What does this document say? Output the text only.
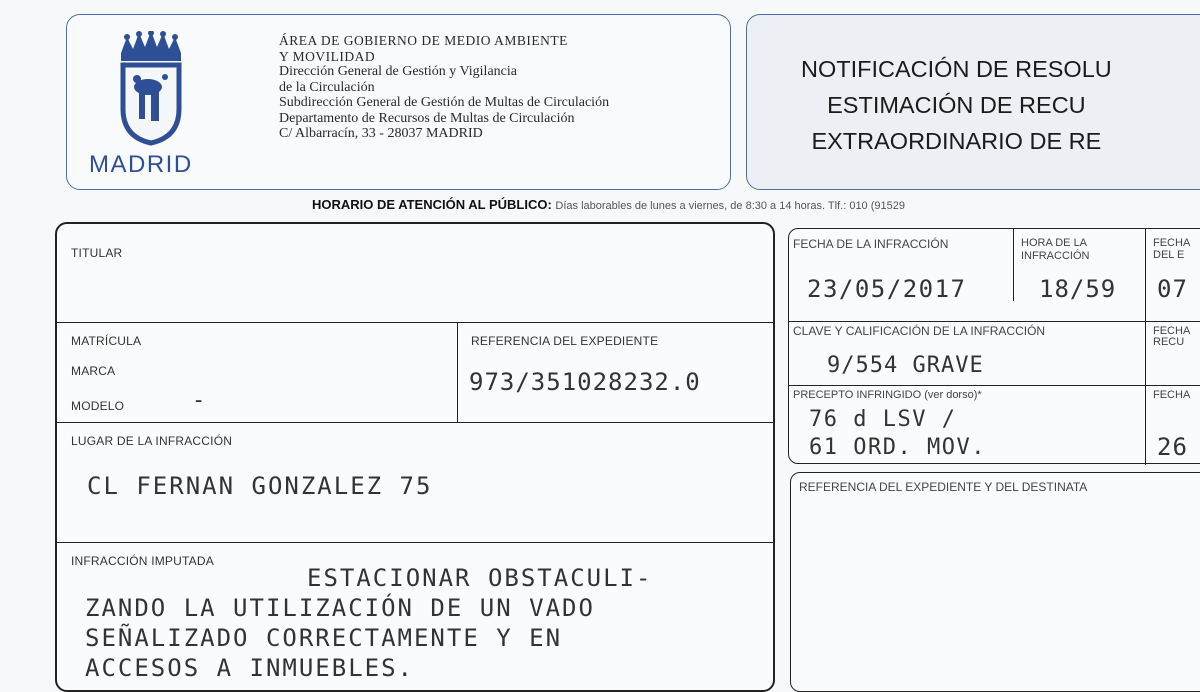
MADRID
ÁREA DE GOBIERNO DE MEDIO AMBIENTE
Y MOVILIDAD
Dirección General de Gestión y Vigilancia
de la Circulación
Subdirección General de Gestión de Multas de Circulación
Departamento de Recursos de Multas de Circulación
C/ Albarracín, 33 - 28037 MADRID
NOTIFICACIÓN DE RESOLU
ESTIMACIÓN DE RECU
EXTRAORDINARIO DE RE
HORARIO DE ATENCIÓN AL PÚBLICO: Días laborables de lunes a viernes, de 8:30 a 14 horas. Tlf.: 010 (91529
TITULAR
MATRÍCULA
MARCA
MODELO	-
REFERENCIA DEL EXPEDIENTE
973/351028232.0
LUGAR DE LA INFRACCIÓN
CL FERNAN GONZALEZ 75
INFRACCIÓN IMPUTADA
ESTACIONAR OBSTACULI-
ZANDO LA UTILIZACIÓN DE UN VADO
SEÑALIZADO CORRECTAMENTE Y EN
ACCESOS A INMUEBLES.
FECHA DE LA INFRACCIÓN
23/05/2017
HORA DE LA
INFRACCIÓN
18/59
FECHA
DEL E
07
CLAVE Y CALIFICACIÓN DE LA INFRACCIÓN
9/554 GRAVE
FECHA
RECU
PRECEPTO INFRINGIDO (ver dorso)*
76 d LSV /
61 ORD. MOV.
FECHA
26
REFERENCIA DEL EXPEDIENTE Y DEL DESTINATA
